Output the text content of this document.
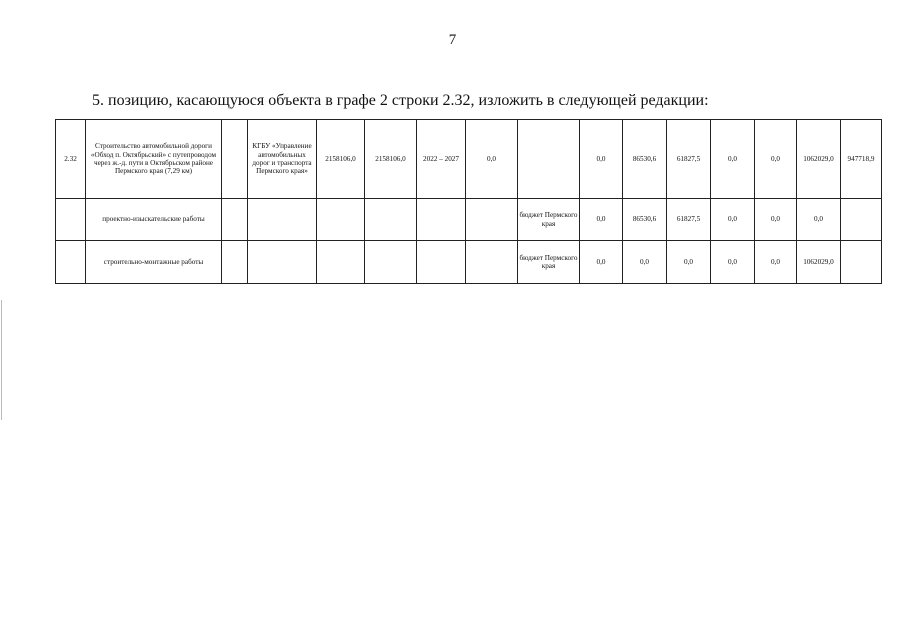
7
5. позицию, касающуюся объекта в графе 2 строки 2.32, изложить в следующей редакции:
2.32	Строительство автомобильной дороги «Обход п. Октябрьский» с путепроводом через ж.-д. пути в Октябрьском районе Пермского края (7,29 км)		КГБУ «Управление автомобильных дорог и транспорта Пермского края»	2158106,0	2158106,0	2022 – 2027	0,0		0,0	86530,6	61827,5	0,0	0,0	1062029,0	947718,9
	проектно-изыскательские работы							бюджет Пермского края	0,0	86530,6	61827,5	0,0	0,0	0,0	
	строительно-монтажные работы							бюджет Пермского края	0,0	0,0	0,0	0,0	0,0	1062029,0	
